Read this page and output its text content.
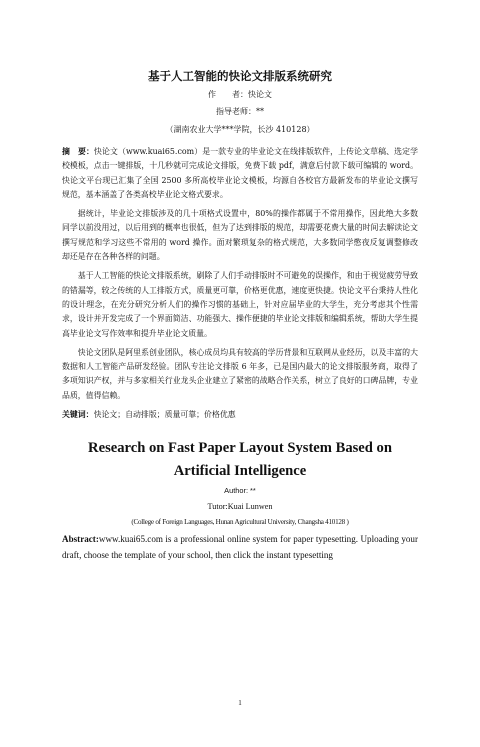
基于人工智能的快论文排版系统研究

作　　者：快论文

指导老师：**

（湖南农业大学***学院，长沙 410128）

摘　要：快论文（www.kuai65.com）是一款专业的毕业论文在线排版软件，上传论文草稿、选定学校模板，点击一键排版，十几秒就可完成论文排版，免费下载 pdf，满意后付款下载可编辑的 word。快论文平台现已汇集了全国 2500 多所高校毕业论文模板，均源自各校官方最新发布的毕业论文撰写规范，基本涵盖了各类高校毕业论文格式要求。

据统计，毕业论文排版涉及的几十项格式设置中，80%的操作都属于不常用操作，因此绝大多数同学以前没用过，以后用到的概率也很低，但为了达到排版的规范，却需要花费大量的时间去解读论文撰写规范和学习这些不常用的 word 操作。面对繁琐复杂的格式规范，大多数同学憋夜反复调整修改却还是存在各种各样的问题。

基于人工智能的快论文排版系统，刷除了人们手动排版时不可避免的误操作，和由于视觉疲劳导致的错漏等，较之传统的人工排版方式，质量更可靠，价格更优惠，速度更快捷。快论文平台秉持人性化的设计理念，在充分研究分析人们的操作习惯的基础上，针对应届毕业的大学生，充分考虑其个性需求，设计并开发完成了一个界面简洁、功能强大、操作便捷的毕业论文排版和编辑系统，帮助大学生提高毕业论文写作效率和提升毕业论文质量。

快论文团队是阿里系创业团队，核心成员均具有较高的学历背景和互联网从业经历，以及丰富的大数据和人工智能产品研发经验。团队专注论文排版 6 年多，已是国内最大的论文排版服务商，取得了多项知识产权，并与多家相关行业龙头企业建立了紧密的战略合作关系，树立了良好的口碑品牌，专业品质，值得信赖。

关键词：快论文；自动排版；质量可靠；价格优惠

Research on Fast Paper Layout System Based on
Artificial Intelligence

Author: **

Tutor:Kuai Lunwen

(College of Foreign Languages, Hunan Agricultural University, Changsha 410128 )

Abstract:www.kuai65.com is a professional online system for paper typesetting. Uploading your draft, choose the template of your school, then click the instant typesetting

1
